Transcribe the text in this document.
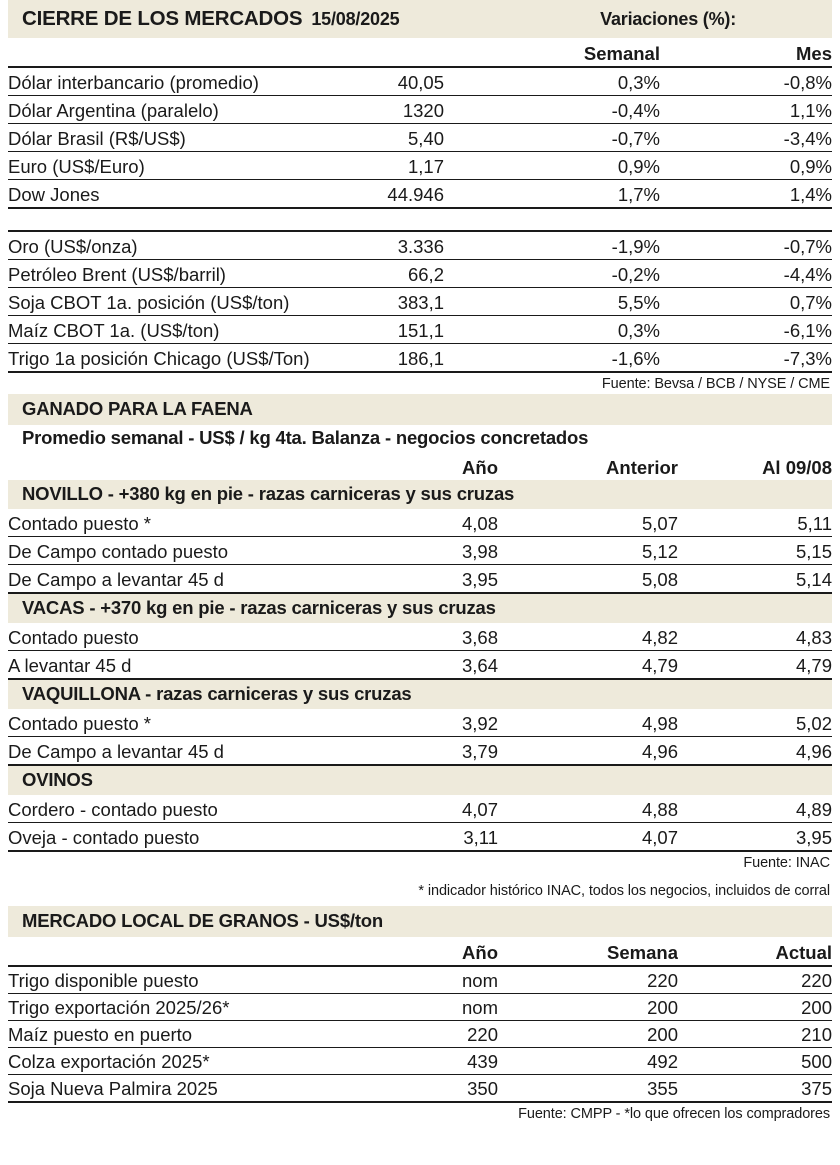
CIERRE DE LOS MERCADOS 15/08/2025	Variaciones (%):
		Semanal	Mes
Dólar interbancario (promedio)	40,05	0,3%	-0,8%
Dólar Argentina (paralelo)	1320	-0,4%	1,1%
Dólar Brasil (R$/US$)	5,40	-0,7%	-3,4%
Euro (US$/Euro)	1,17	0,9%	0,9%
Dow Jones	44.946	1,7%	1,4%
Oro (US$/onza)	3.336	-1,9%	-0,7%
Petróleo Brent (US$/barril)	66,2	-0,2%	-4,4%
Soja CBOT 1a. posición (US$/ton)	383,1	5,5%	0,7%
Maíz CBOT 1a. (US$/ton)	151,1	0,3%	-6,1%
Trigo 1a posición Chicago (US$/Ton)	186,1	-1,6%	-7,3%
Fuente: Bevsa / BCB / NYSE / CME
GANADO PARA LA FAENA
Promedio semanal - US$ / kg 4ta. Balanza - negocios concretados
	Año	Anterior	Al 09/08
NOVILLO - +380 kg en pie - razas carniceras y sus cruzas
Contado puesto *	4,08	5,07	5,11
De Campo contado puesto	3,98	5,12	5,15
De Campo a levantar 45 d	3,95	5,08	5,14
VACAS - +370 kg en pie - razas carniceras y sus cruzas
Contado puesto	3,68	4,82	4,83
A levantar 45 d	3,64	4,79	4,79
VAQUILLONA - razas carniceras y sus cruzas
Contado puesto *	3,92	4,98	5,02
De Campo a levantar 45 d	3,79	4,96	4,96
OVINOS
Cordero - contado puesto	4,07	4,88	4,89
Oveja - contado puesto	3,11	4,07	3,95
Fuente: INAC
* indicador histórico INAC, todos los negocios, incluidos de corral
MERCADO LOCAL DE GRANOS - US$/ton
	Año	Semana	Actual
Trigo disponible puesto	nom	220	220
Trigo exportación 2025/26*	nom	200	200
Maíz puesto en puerto	220	200	210
Colza exportación 2025*	439	492	500
Soja Nueva Palmira 2025	350	355	375
Fuente: CMPP - *lo que ofrecen los compradores
